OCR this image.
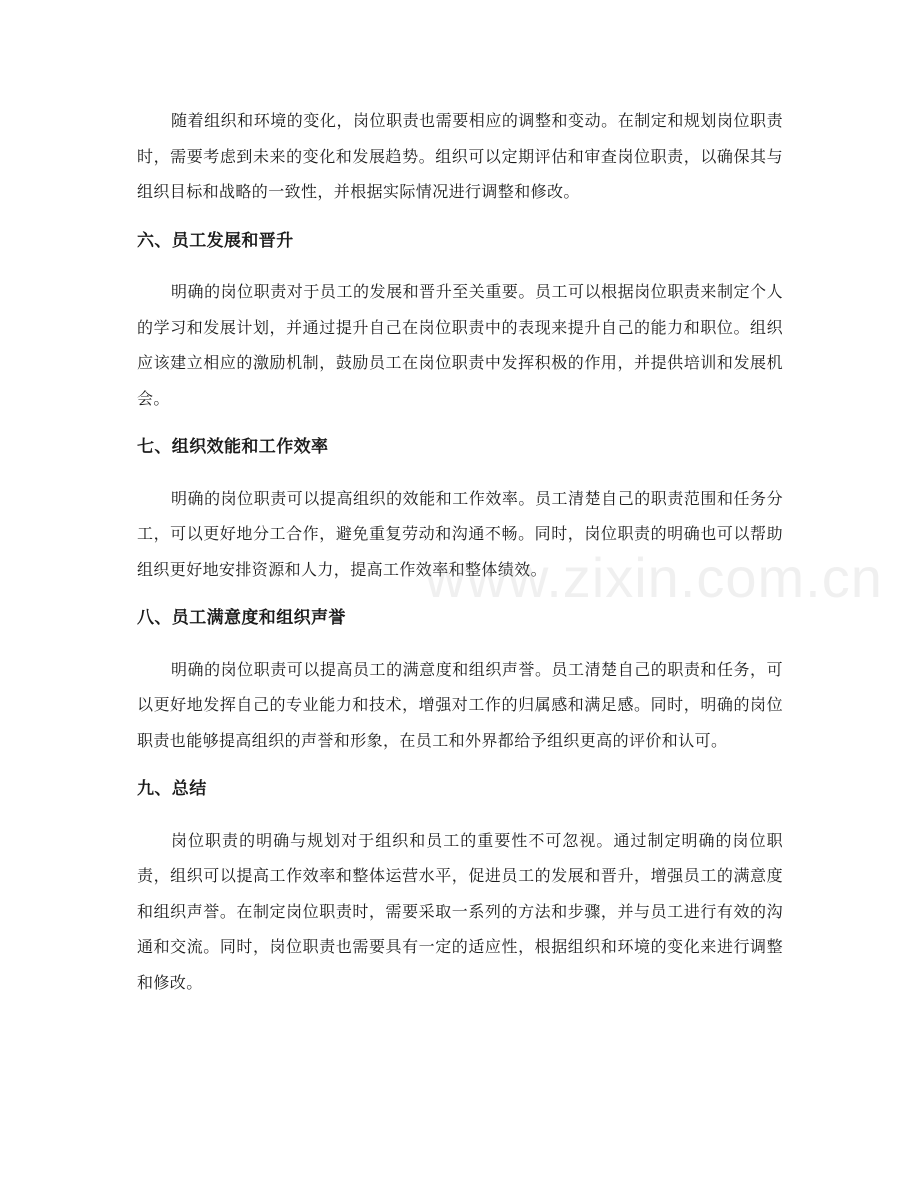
随着组织和环境的变化，岗位职责也需要相应的调整和变动。在制定和规划岗位职责时，需要考虑到未来的变化和发展趋势。组织可以定期评估和审查岗位职责，以确保其与组织目标和战略的一致性，并根据实际情况进行调整和修改。

六、员工发展和晋升

明确的岗位职责对于员工的发展和晋升至关重要。员工可以根据岗位职责来制定个人的学习和发展计划，并通过提升自己在岗位职责中的表现来提升自己的能力和职位。组织应该建立相应的激励机制，鼓励员工在岗位职责中发挥积极的作用，并提供培训和发展机会。

七、组织效能和工作效率

明确的岗位职责可以提高组织的效能和工作效率。员工清楚自己的职责范围和任务分工，可以更好地分工合作，避免重复劳动和沟通不畅。同时，岗位职责的明确也可以帮助组织更好地安排资源和人力，提高工作效率和整体绩效。

八、员工满意度和组织声誉

明确的岗位职责可以提高员工的满意度和组织声誉。员工清楚自己的职责和任务，可以更好地发挥自己的专业能力和技术，增强对工作的归属感和满足感。同时，明确的岗位职责也能够提高组织的声誉和形象，在员工和外界都给予组织更高的评价和认可。

九、总结

岗位职责的明确与规划对于组织和员工的重要性不可忽视。通过制定明确的岗位职责，组织可以提高工作效率和整体运营水平，促进员工的发展和晋升，增强员工的满意度和组织声誉。在制定岗位职责时，需要采取一系列的方法和步骤，并与员工进行有效的沟通和交流。同时，岗位职责也需要具有一定的适应性，根据组织和环境的变化来进行调整和修改。

www.zixin.com.cn
